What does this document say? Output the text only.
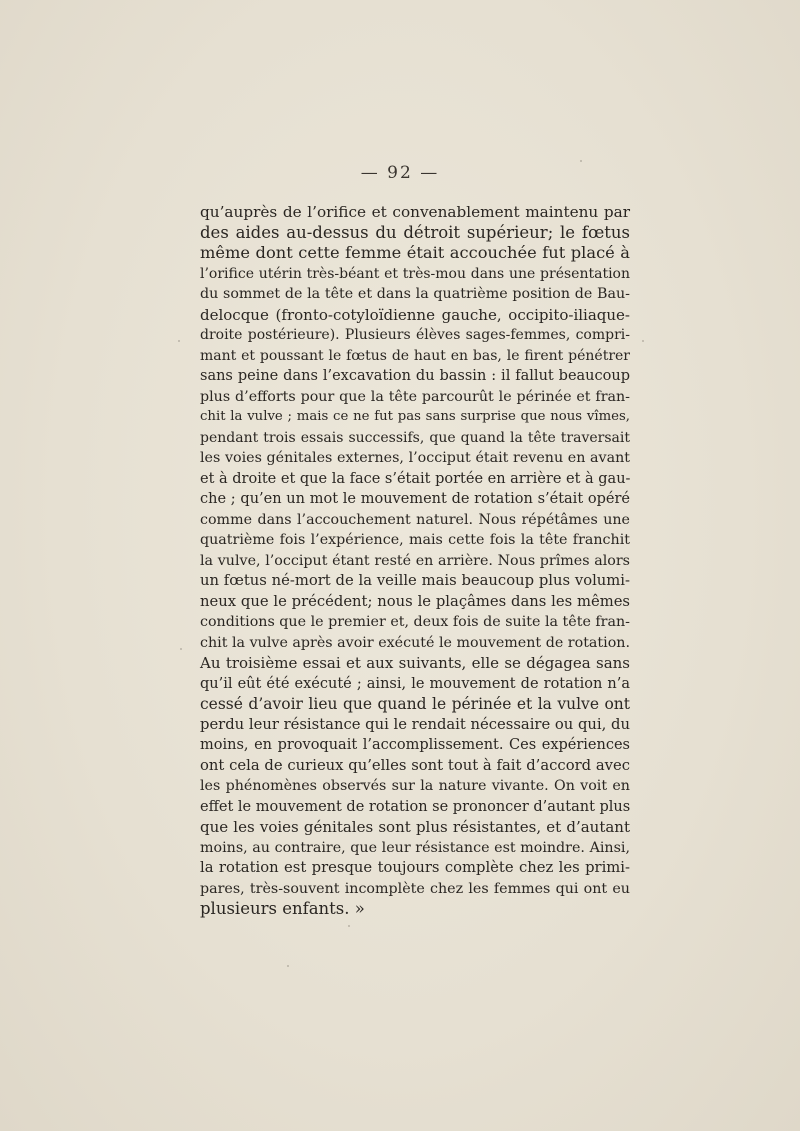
— 92 —
qu’auprès de l’orifice et convenablement maintenu par
des aides au-dessus du détroit supérieur; le fœtus
même dont cette femme était accouchée fut placé à
l’orifice utérin très-béant et très-mou dans une présentation
du sommet de la tête et dans la quatrième position de Bau-
delocque (fronto-cotyloïdienne gauche, occipito-iliaque-
droite postérieure). Plusieurs élèves sages-femmes, compri-
mant et poussant le fœtus de haut en bas, le firent pénétrer
sans peine dans l’excavation du bassin : il fallut beaucoup
plus d’efforts pour que la tête parcourût le périnée et fran-
chit la vulve ; mais ce ne fut pas sans surprise que nous vîmes,
pendant trois essais successifs, que quand la tête traversait
les voies génitales externes, l’occiput était revenu en avant
et à droite et que la face s’était portée en arrière et à gau-
che ; qu’en un mot le mouvement de rotation s’était opéré
comme dans l’accouchement naturel. Nous répétâmes une
quatrième fois l’expérience, mais cette fois la tête franchit
la vulve, l’occiput étant resté en arrière. Nous prîmes alors
un fœtus né-mort de la veille mais beaucoup plus volumi-
neux que le précédent; nous le plaçâmes dans les mêmes
conditions que le premier et, deux fois de suite la tête fran-
chit la vulve après avoir exécuté le mouvement de rotation.
Au troisième essai et aux suivants, elle se dégagea sans
qu’il eût été exécuté ; ainsi, le mouvement de rotation n’a
cessé d’avoir lieu que quand le périnée et la vulve ont
perdu leur résistance qui le rendait nécessaire ou qui, du
moins, en provoquait l’accomplissement. Ces expériences
ont cela de curieux qu’elles sont tout à fait d’accord avec
les phénomènes observés sur la nature vivante. On voit en
effet le mouvement de rotation se prononcer d’autant plus
que les voies génitales sont plus résistantes, et d’autant
moins, au contraire, que leur résistance est moindre. Ainsi,
la rotation est presque toujours complète chez les primi-
pares, très-souvent incomplète chez les femmes qui ont eu
plusieurs enfants. »
